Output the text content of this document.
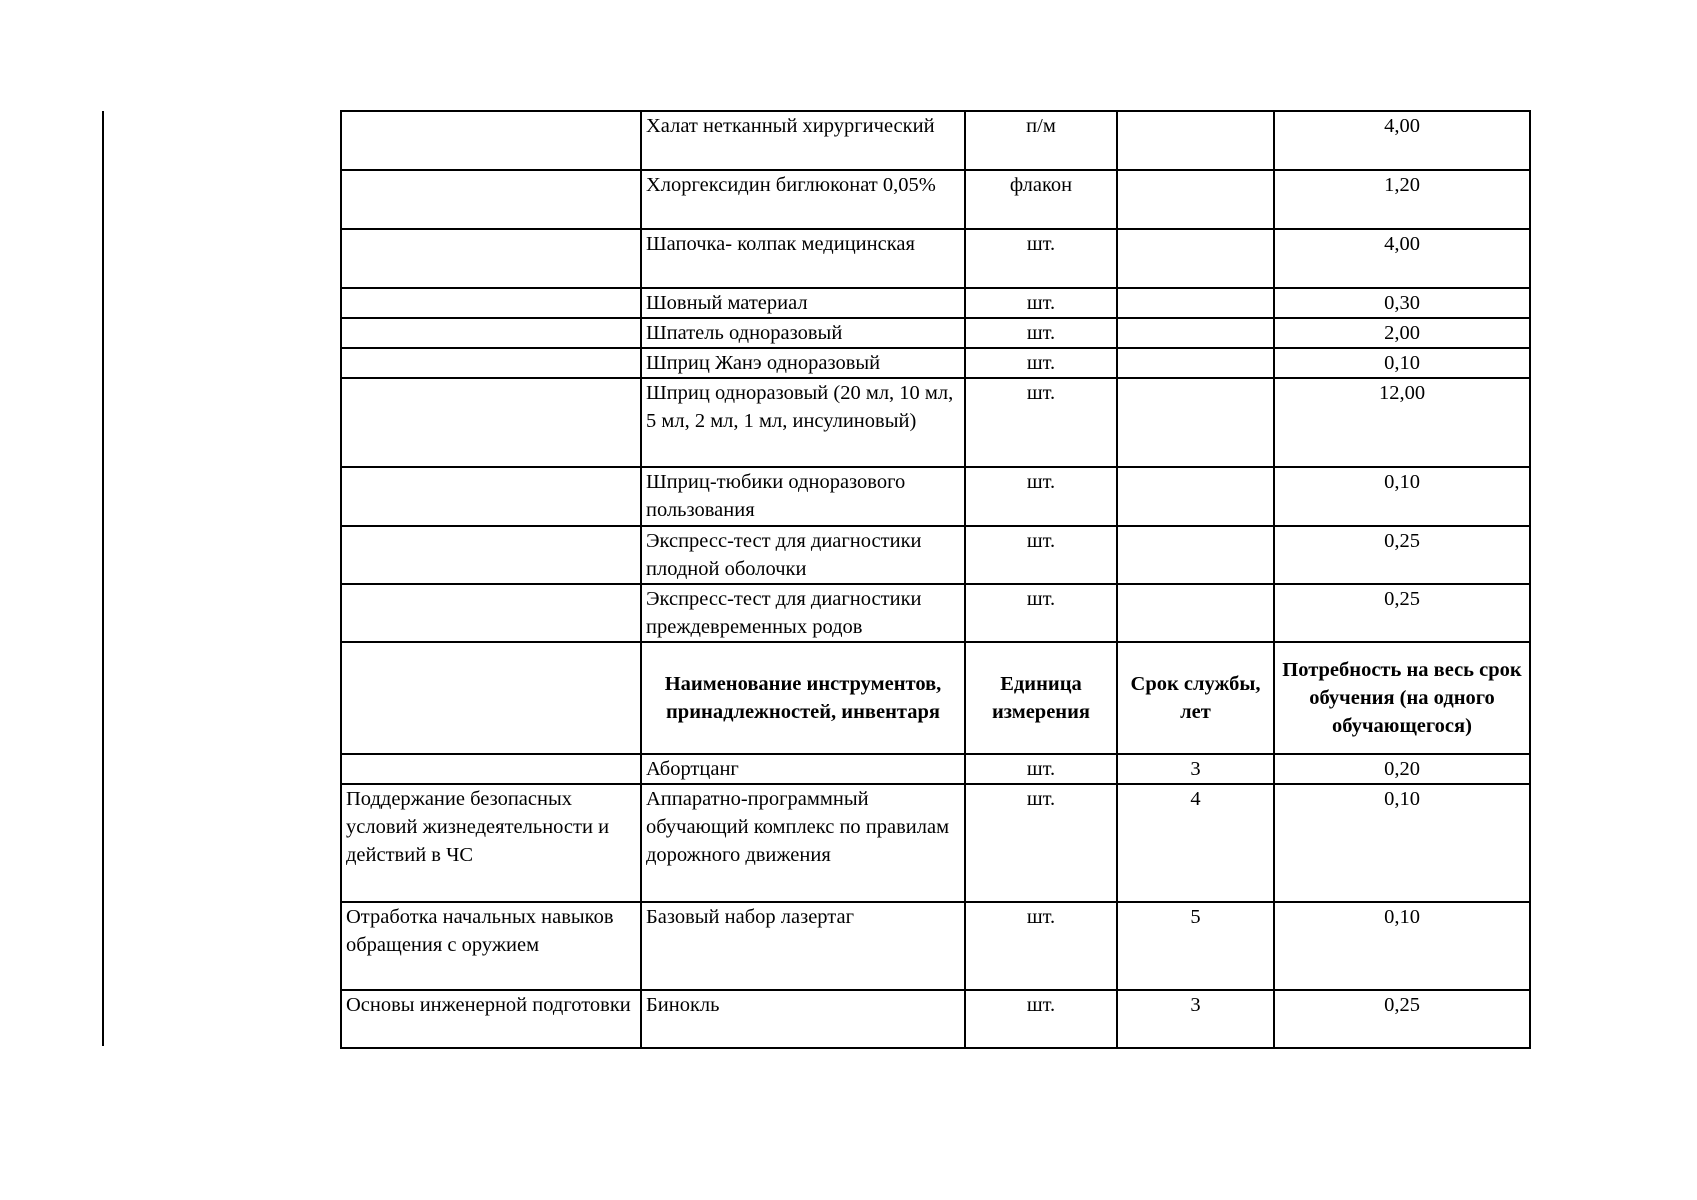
	Халат нетканный хирургический	п/м		4,00
	Хлоргексидин биглюконат 0,05%	флакон		1,20
	Шапочка- колпак медицинская	шт.		4,00
	Шовный материал	шт.		0,30
	Шпатель одноразовый	шт.		2,00
	Шприц Жанэ одноразовый	шт.		0,10
	Шприц одноразовый (20 мл, 10 мл, 5 мл, 2 мл, 1 мл, инсулиновый)	шт.		12,00
	Шприц-тюбики одноразового пользования	шт.		0,10
	Экспресс-тест для диагностики плодной оболочки	шт.		0,25
	Экспресс-тест для диагностики преждевременных родов	шт.		0,25
	Наименование инструментов, принадлежностей, инвентаря	Единица измерения	Срок службы, лет	Потребность на весь срок обучения (на одного обучающегося)
	Абортцанг	шт.	3	0,20
Поддержание безопасных условий жизнедеятельности и действий в ЧС	Аппаратно-программный обучающий комплекс по правилам дорожного движения	шт.	4	0,10
Отработка начальных навыков обращения с оружием	Базовый набор лазертаг	шт.	5	0,10
Основы инженерной подготовки	Бинокль	шт.	3	0,25
